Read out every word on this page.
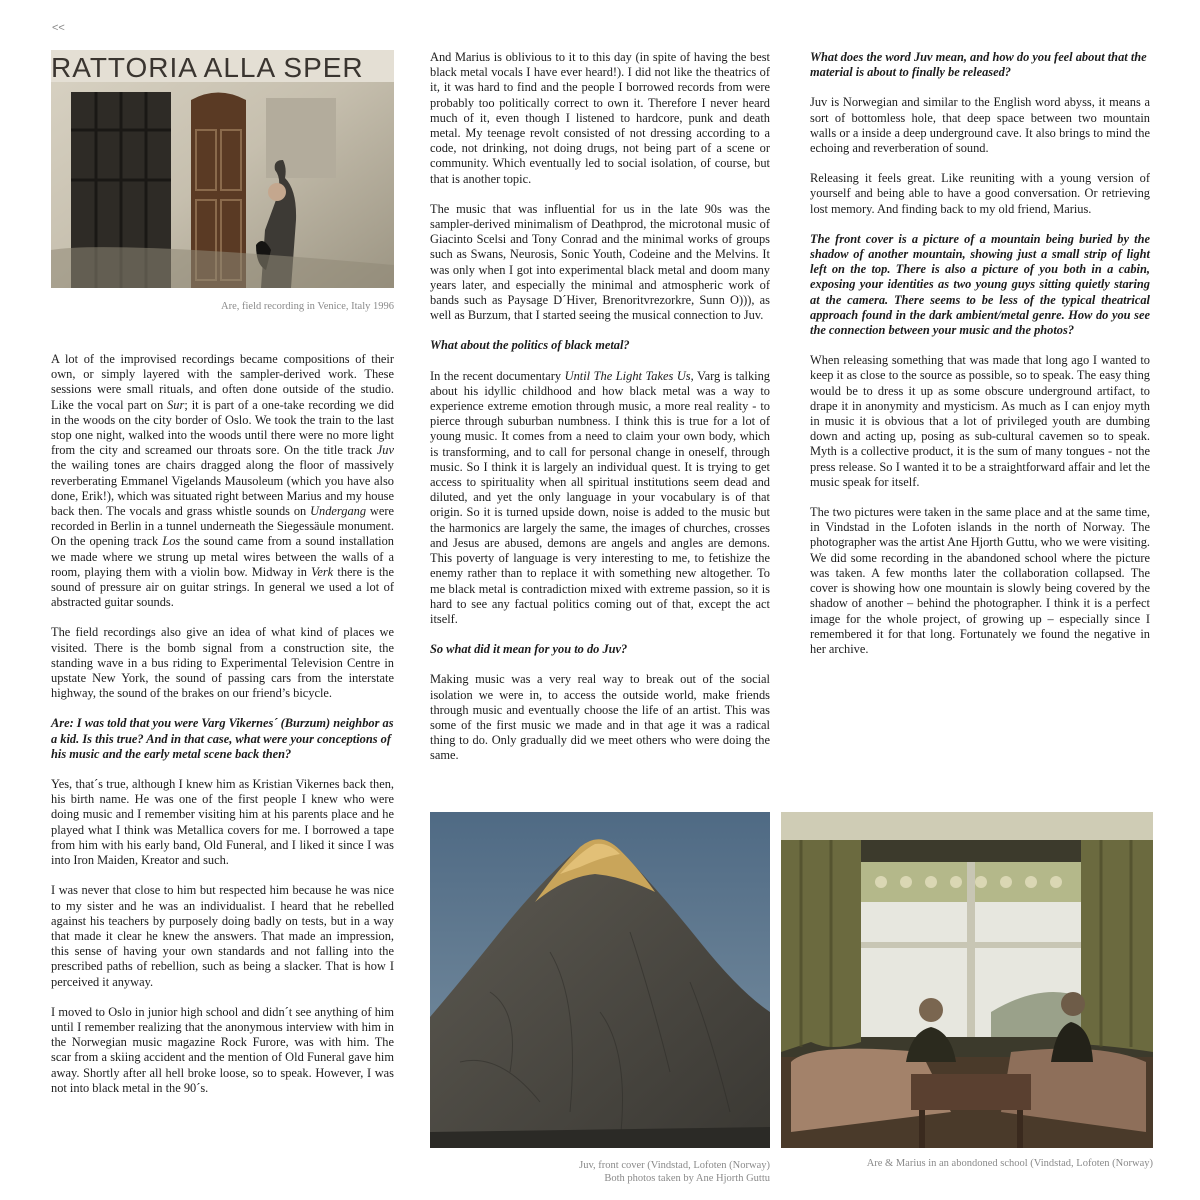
<<
RATTORIA ALLA SPER
Are, field recording in Venice, Italy 1996

A lot of the improvised recordings became compositions of their own, or simply layered with the sampler-derived work. These sessions were small rituals, and often done outside of the studio. Like the vocal part on Sur; it is part of a one-take recording we did in the woods on the city border of Oslo. We took the train to the last stop one night, walked into the woods until there were no more light from the city and screamed our throats sore. On the title track Juv the wailing tones are chairs dragged along the floor of massively reverberating Emmanel Vigelands Mausoleum (which you have also done, Erik!), which was situated right between Marius and my house back then. The vocals and grass whistle sounds on Undergang were recorded in Berlin in a tunnel underneath the Siegessäule monument. On the opening track Los the sound came from a sound installation we made where we strung up metal wires between the walls of a room, playing them with a violin bow. Midway in Verk there is the sound of pressure air on guitar strings. In general we used a lot of abstracted guitar sounds.

The field recordings also give an idea of what kind of places we visited. There is the bomb signal from a construction site, the standing wave in a bus riding to Experimental Television Centre in upstate New York, the sound of passing cars from the interstate highway, the sound of the brakes on our friend’s bicycle.

Are: I was told that you were Varg Vikernes´ (Burzum) neighbor as a kid. Is this true? And in that case, what were your conceptions of his music and the early metal scene back then?

Yes, that´s true, although I knew him as Kristian Vikernes back then, his birth name. He was one of the first people I knew who were doing music and I remember visiting him at his parents place and he played what I think was Metallica covers for me. I borrowed a tape from him with his early band, Old Funeral, and I liked it since I was into Iron Maiden, Kreator and such.

I was never that close to him but respected him because he was nice to my sister and he was an individualist. I heard that he rebelled against his teachers by purposely doing badly on tests, but in a way that made it clear he knew the answers. That made an impression, this sense of having your own standards and not falling into the prescribed paths of rebellion, such as being a slacker. That is how I perceived it anyway.

I moved to Oslo in junior high school and didn´t see anything of him until I remember realizing that the anonymous interview with him in the Norwegian music magazine Rock Furore, was with him. The scar from a skiing accident and the mention of Old Funeral gave him away. Shortly after all hell broke loose, so to speak. However, I was not into black metal in the 90´s.

And Marius is oblivious to it to this day (in spite of having the best black metal vocals I have ever heard!). I did not like the theatrics of it, it was hard to find and the people I borrowed records from were probably too politically correct to own it. Therefore I never heard much of it, even though I listened to hardcore, punk and death metal. My teenage revolt consisted of not dressing according to a code, not drinking, not doing drugs, not being part of a scene or community. Which eventually led to social isolation, of course, but that is another topic.

The music that was influential for us in the late 90s was the sampler-derived minimalism of Deathprod, the microtonal music of Giacinto Scelsi and Tony Conrad and the minimal works of groups such as Swans, Neurosis, Sonic Youth, Codeine and the Melvins. It was only when I got into experimental black metal and doom many years later, and especially the minimal and atmospheric work of bands such as Paysage D´Hiver, Brenoritvrezorkre, Sunn O))), as well as Burzum, that I started seeing the musical connection to Juv.

What about the politics of black metal?

In the recent documentary Until The Light Takes Us, Varg is talking about his idyllic childhood and how black metal was a way to experience extreme emotion through music, a more real reality - to pierce through suburban numbness. I think this is true for a lot of young music. It comes from a need to claim your own body, which is transforming, and to call for personal change in oneself, through music. So I think it is largely an individual quest. It is trying to get access to spirituality when all spiritual institutions seem dead and diluted, and yet the only language in your vocabulary is of that origin. So it is turned upside down, noise is added to the music but the harmonics are largely the same, the images of churches, crosses and Jesus are abused, demons are angels and angles are demons. This poverty of language is very interesting to me, to fetishize the enemy rather than to replace it with something new altogether. To me black metal is contradiction mixed with extreme passion, so it is hard to see any factual politics coming out of that, except the act itself.

So what did it mean for you to do Juv?

Making music was a very real way to break out of the social isolation we were in, to access the outside world, make friends through music and eventually choose the life of an artist. This was some of the first music we made and in that age it was a radical thing to do. Only gradually did we meet others who were doing the same.

What does the word Juv mean, and how do you feel about that the material is about to finally be released?

Juv is Norwegian and similar to the English word abyss, it means a sort of bottomless hole, that deep space between two mountain walls or a inside a deep underground cave. It also brings to mind the echoing and reverberation of sound.

Releasing it feels great. Like reuniting with a young version of yourself and being able to have a good conversation. Or retrieving lost memory. And finding back to my old friend, Marius.

The front cover is a picture of a mountain being buried by the shadow of another mountain, showing just a small strip of light left on the top. There is also a picture of you both in a cabin, exposing your identities as two young guys sitting quietly staring at the camera. There seems to be less of the typical theatrical approach found in the dark ambient/metal genre. How do you see the connection between your music and the photos?

When releasing something that was made that long ago I wanted to keep it as close to the source as possible, so to speak. The easy thing would be to dress it up as some obscure underground artifact, to drape it in anonymity and mysticism. As much as I can enjoy myth in music it is obvious that a lot of privileged youth are dumbing down and acting up, posing as sub-cultural cavemen so to speak. Myth is a collective product, it is the sum of many tongues - not the press release. So I wanted it to be a straightforward affair and let the music speak for itself.

The two pictures were taken in the same place and at the same time, in Vindstad in the Lofoten islands in the north of Norway. The photographer was the artist Ane Hjorth Guttu, who we were visiting. We did some recording in the abandoned school where the picture was taken. A few months later the collaboration collapsed. The cover is showing how one mountain is slowly being covered by the shadow of another – behind the photographer. I think it is a perfect image for the whole project, of growing up – especially since I remembered it for that long. Fortunately we found the negative in her archive.

Juv, front cover (Vindstad, Lofoten (Norway)
Both photos taken by Ane Hjorth Guttu
Are & Marius in an abondoned school (Vindstad, Lofoten (Norway)
